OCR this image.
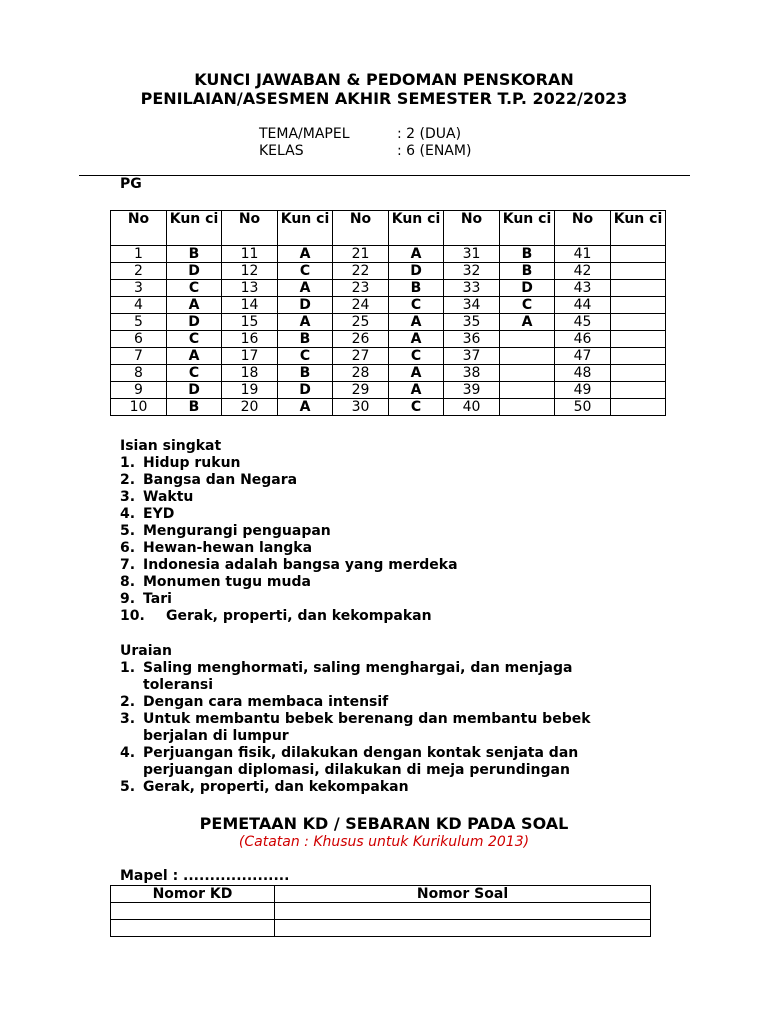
KUNCI JAWABAN & PEDOMAN PENSKORAN
PENILAIAN/ASESMEN AKHIR SEMESTER T.P. 2022/2023
TEMA/MAPEL	: 2 (DUA)
KELAS	: 6 (ENAM)
PG
No	Kun ci	No	Kun ci	No	Kun ci	No	Kun ci	No	Kun ci
1	B	11	A	21	A	31	B	41	
2	D	12	C	22	D	32	B	42	
3	C	13	A	23	B	33	D	43	
4	A	14	D	24	C	34	C	44	
5	D	15	A	25	A	35	A	45	
6	C	16	B	26	A	36		46	
7	A	17	C	27	C	37		47	
8	C	18	B	28	A	38		48	
9	D	19	D	29	A	39		49	
10	B	20	A	30	C	40		50	
Isian singkat
1. Hidup rukun
2. Bangsa dan Negara
3. Waktu
4. EYD
5. Mengurangi penguapan
6. Hewan-hewan langka
7. Indonesia adalah bangsa yang merdeka
8. Monumen tugu muda
9. Tari
10. Gerak, properti, dan kekompakan
Uraian
1. Saling menghormati, saling menghargai, dan menjaga toleransi
2. Dengan cara membaca intensif
3. Untuk membantu bebek berenang dan membantu bebek berjalan di lumpur
4. Perjuangan fisik, dilakukan dengan kontak senjata dan perjuangan diplomasi, dilakukan di meja perundingan
5. Gerak, properti, dan kekompakan
PEMETAAN KD / SEBARAN KD PADA SOAL
(Catatan : Khusus untuk Kurikulum 2013)
Mapel : ....................
Nomor KD	Nomor Soal
